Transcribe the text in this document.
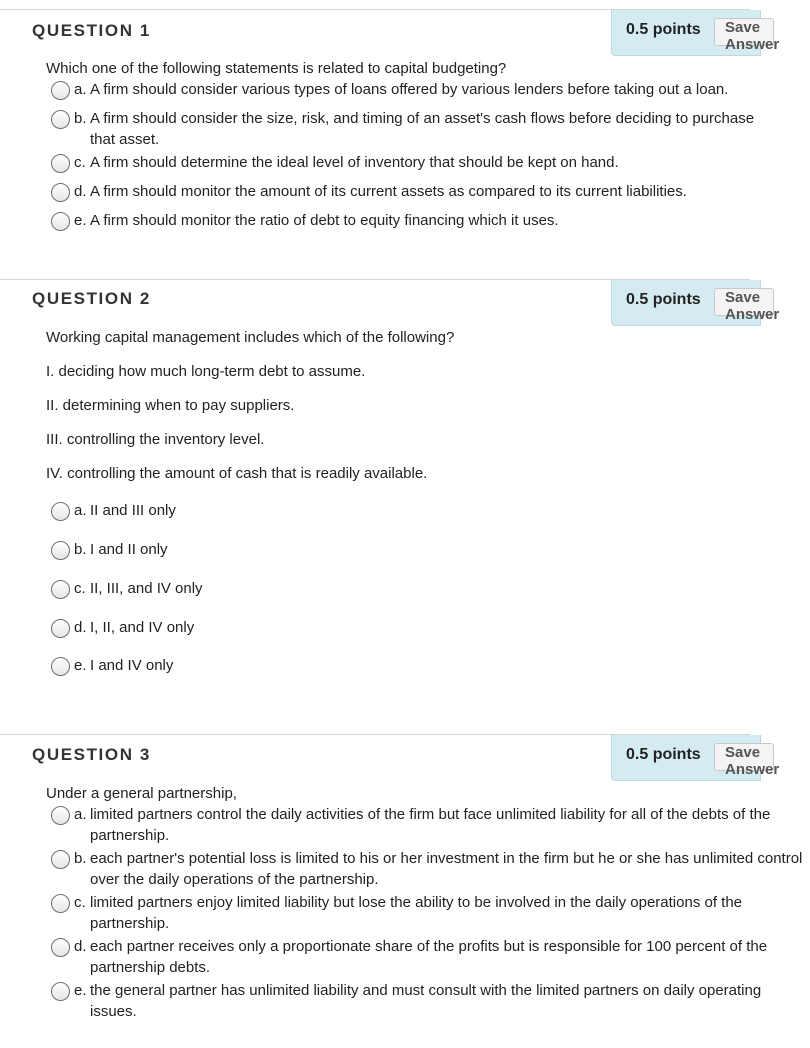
QUESTION 1	0.5 points	Save Answer
Which one of the following statements is related to capital budgeting?
a. A firm should consider various types of loans offered by various lenders before taking out a loan.
b. A firm should consider the size, risk, and timing of an asset's cash flows before deciding to purchase
that asset.
c. A firm should determine the ideal level of inventory that should be kept on hand.
d. A firm should monitor the amount of its current assets as compared to its current liabilities.
e. A firm should monitor the ratio of debt to equity financing which it uses.
QUESTION 2	0.5 points	Save Answer
Working capital management includes which of the following?
I. deciding how much long-term debt to assume.
II. determining when to pay suppliers.
III. controlling the inventory level.
IV. controlling the amount of cash that is readily available.
a. II and III only
b. I and II only
c. II, III, and IV only
d. I, II, and IV only
e. I and IV only
QUESTION 3	0.5 points	Save Answer
Under a general partnership,
a. limited partners control the daily activities of the firm but face unlimited liability for all of the debts of the
partnership.
b. each partner's potential loss is limited to his or her investment in the firm but he or she has unlimited control
over the daily operations of the partnership.
c. limited partners enjoy limited liability but lose the ability to be involved in the daily operations of the
partnership.
d. each partner receives only a proportionate share of the profits but is responsible for 100 percent of the
partnership debts.
e. the general partner has unlimited liability and must consult with the limited partners on daily operating
issues.
